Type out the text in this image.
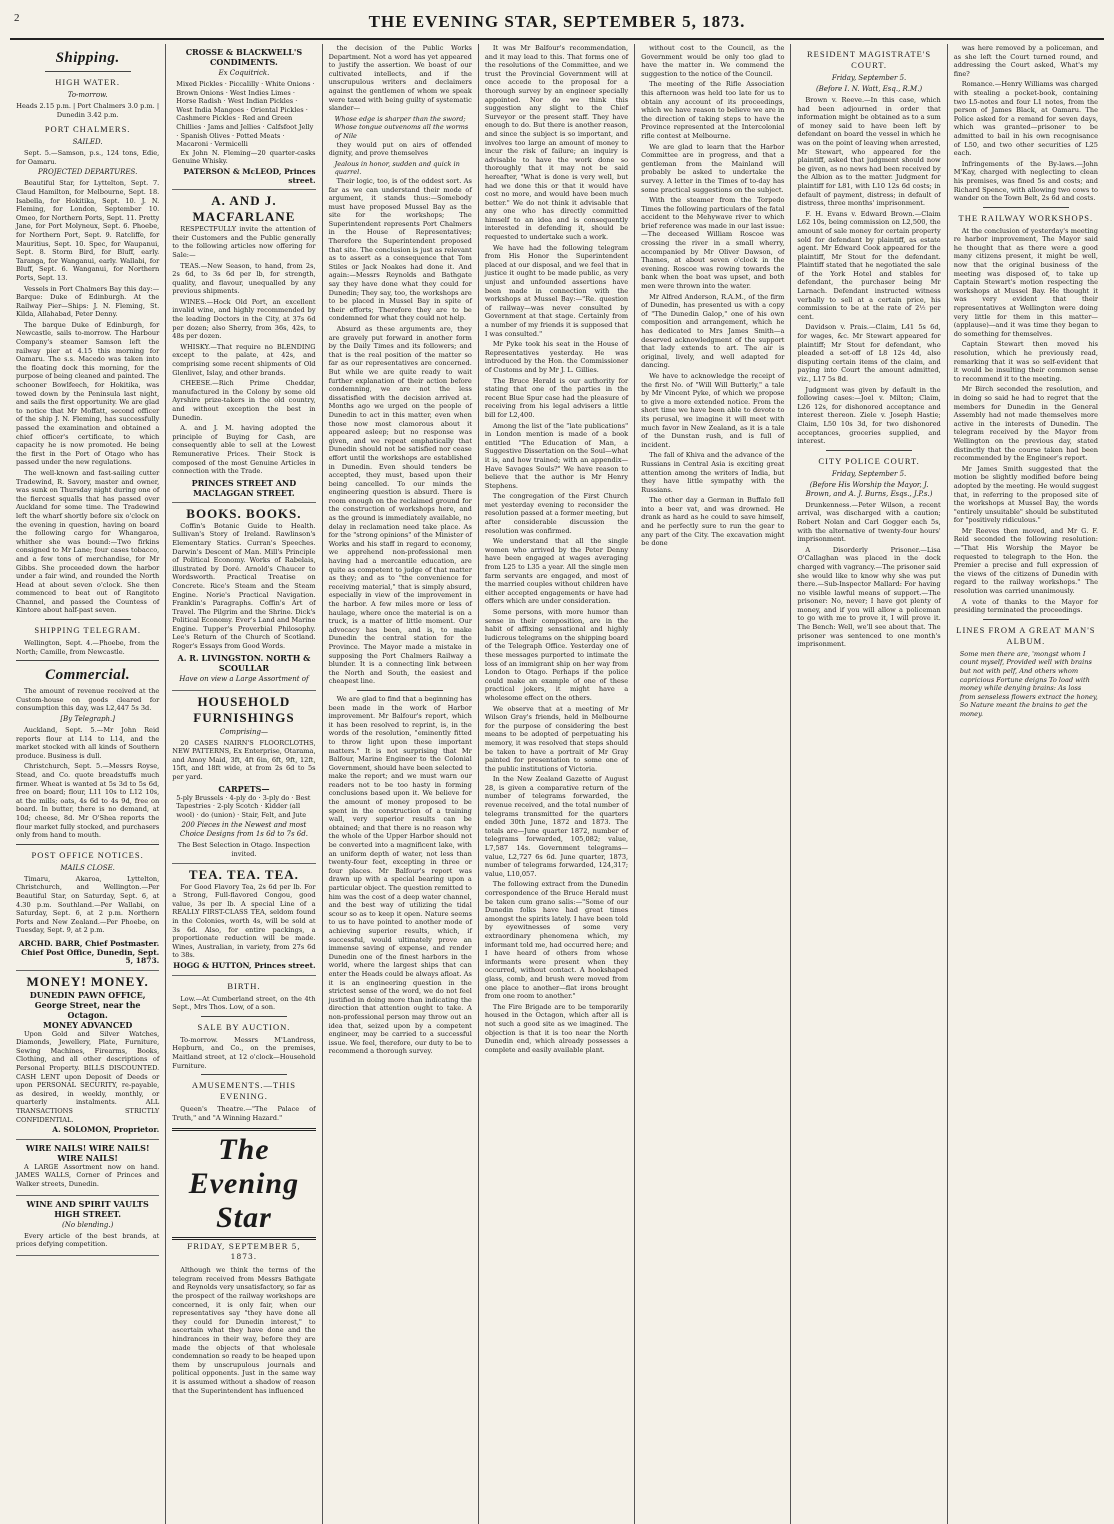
2	THE EVENING STAR, SEPTEMBER 5, 1873.
Shipping.
HIGH WATER.
To-morrow.
Heads 2.15 p.m. | Port Chalmers 3.0 p.m. | Dunedin 3.42 p.m.
PORT CHALMERS.
SAILED.

Sept. 5.—Samson, p.s., 124 tons, Edie, for Oamaru.

PROJECTED DEPARTURES.

Beautiful Star, for Lyttelton, Sept. 7. Claud Hamilton, for Melbourne, Sept. 18. Isabella, for Hokitika, Sept. 10. J. N. Fleming, for London, September 10. Omeo, for Northern Ports, Sept. 11. Pretty Jane, for Port Molyneux, Sept. 6. Phoebe, for Northern Port, Sept. 9. Ratcliffe, for Mauritius, Sept. 10. Spec, for Waupanui, Sept. 8. Storm Bird, for Bluff, early. Taranga, for Wanganui, early. Wallabi, for Bluff, Sept. 6. Wanganui, for Northern Ports, Sept. 13.

Vessels in Port Chalmers Bay this day:—Barque: Duke of Edinburgh. At the Railway Pier—Ships: J. N. Fleming, St. Kilda, Allahabad, Peter Denny.

The barque Duke of Edinburgh, for Newcastle, sails to-morrow. The Harbour Company's steamer Samson left the railway pier at 4.15 this morning for Oamaru. The s.s. Macedo was taken into the floating dock this morning, for the purpose of being cleaned and painted. The schooner Bowlfeech, for Hokitika, was towed down by the Peninsula last night, and sails the first opportunity. We are glad to notice that Mr Moffatt, second officer of the ship J. N. Fleming, has successfully passed the examination and obtained a chief officer's certificate, to which capacity he is now promoted. He being the first in the Port of Otago who has passed under the new regulations.

The well-known and fast-sailing cutter Tradewind, R. Savory, master and owner, was sunk on Thursday night during one of the fiercest squalls that has passed over Auckland for some time. The Tradewind left the wharf shortly before six o'clock on the evening in question, having on board the following cargo for Whangaroa, whither she was bound:—Two firkins consigned to Mr Lane; four cases tobacco, and a few tons of merchandise, for Mr Gibbs. She proceeded down the harbor under a fair wind, and rounded the North Head at about seven o'clock. She then commenced to beat out of Rangitoto Channel, and passed the Countess of Kintore about half-past seven.

SHIPPING TELEGRAM.

Wellington, Sept. 4.—Phoebe, from the North; Camille, from Newcastle.

Commercial.

The amount of revenue received at the Custom-house on goods cleared for consumption this day, was L2,447 5s 3d.

[By Telegraph.]

Auckland, Sept. 5.—Mr John Reid reports flour at L14 to L14, and the market stocked with all kinds of Southern produce. Business is dull.

Christchurch, Sept. 5.—Messrs Royse, Stead, and Co. quote breadstuffs much firmer. Wheat is wanted at 5s 3d to 5s 6d, free on board; flour, L11 10s to L12 10s, at the mills; oats, 4s 6d to 4s 9d, free on board. In butter, there is no demand, at 10d; cheese, 8d. Mr O'Shea reports the flour market fully stocked, and purchasers only from hand to mouth.

POST OFFICE NOTICES.
MAILS CLOSE.

Timaru, Akaroa, Lyttelton, Christchurch, and Wellington.—Per Beautiful Star, on Saturday, Sept. 6, at 4.30 p.m. Southland.—Per Wallabi, on Saturday, Sept. 6, at 2 p.m. Northern Ports and New Zealand.—Per Phoebe, on Tuesday, Sept. 9, at 2 p.m.

ARCHD. BARR, Chief Postmaster. Chief Post Office, Dunedin, Sept. 5, 1873.
MONEY! MONEY.
DUNEDIN PAWN OFFICE, George Street, near the Octagon.
MONEY ADVANCED

Upon Gold and Silver Watches, Diamonds, Jewellery, Plate, Furniture, Sewing Machines, Firearms, Books, Clothing, and all other descriptions of Personal Property. BILLS DISCOUNTED. CASH LENT upon Deposit of Deeds or upon PERSONAL SECURITY, re-payable, as desired, in weekly, monthly, or quarterly instalments. ALL TRANSACTIONS STRICTLY CONFIDENTIAL.

A. SOLOMON, Proprietor.
WIRE NAILS! WIRE NAILS! WIRE NAILS!

A LARGE Assortment now on hand. JAMES WALLS, Corner of Princes and Walker streets, Dunedin.

WINE AND SPIRIT VAULTS HIGH STREET.
(No blending.)

Every article of the best brands, at prices defying competition.

CROSSE & BLACKWELL'S CONDIMENTS.
Ex Coquitrick.
Mixed Pickles · Piccalilly · White Onions · Brown Onions · West Indies Limes · Horse Radish · West Indian Pickles · West India Mangoes · Oriental Pickles · Cashmere Pickles · Red and Green Chillies · Jams and Jellies · Calfsfoot Jelly · Spanish Olives · Potted Meats · Macaroni · Vermicelli

Ex John N. Fleming—20 quarter-casks Genuine Whisky.

PATERSON & McLEOD, Princes street.
A. AND J. MACFARLANE

RESPECTFULLY invite the attention of their Customers and the Public generally to the following articles now offering for Sale:—

TEAS.—New Season, to hand, from 2s, 2s 6d, to 3s 6d per lb, for strength, quality, and flavour, unequalled by any previous shipments.

WINES.—Hock Old Port, an excellent invalid wine, and highly recommended by the leading Doctors in the City, at 37s 6d per dozen; also Sherry, from 36s, 42s, to 48s per dozen.

WHISKY.—That require no BLENDING except to the palate, at 42s, and comprising some recent shipments of Old Glenlivet, Islay, and other brands.

CHEESE.—Rich Prime Cheddar, manufactured in the Colony by some old Ayrshire prize-takers in the old country, and without exception the best in Dunedin.

A. and J. M. having adopted the principle of Buying for Cash, are consequently able to sell at the Lowest Remunerative Prices. Their Stock is composed of the most Genuine Articles in connection with the Trade.

PRINCES STREET AND MACLAGGAN STREET.
BOOKS. BOOKS.

Coffin's Botanic Guide to Health. Sullivan's Story of Ireland. Rawlinson's Elementary Statics. Curran's Speeches. Darwin's Descent of Man. Mill's Principle of Political Economy. Works of Rabelais, illustrated by Doré. Arnold's Chaucer to Wordsworth. Practical Treatise on Concrete. Rice's Steam and the Steam Engine. Norie's Practical Navigation. Franklin's Paragraphs. Coffin's Art of Travel. The Pilgrim and the Shrine. Dick's Political Economy. Ever's Land and Marine Engine. Tupper's Proverbial Philosophy. Lee's Return of the Church of Scotland. Roger's Essays from Good Words.

A. R. LIVINGSTON. NORTH & SCOULLAR
Have on view a Large Assortment of
HOUSEHOLD FURNISHINGS
Comprising—

20 CASES NAIRN'S FLOORCLOTHS, NEW PATTERNS, Ex Enterprise, Otarama, and Amoy Maid, 3ft, 4ft 6in, 6ft, 9ft, 12ft, 15ft, and 18ft wide, at from 2s 6d to 5s per yard.

CARPETS—
5-ply Brussels · 4-ply do · 3-ply do · Best Tapestries · 2-ply Scotch · Kidder (all wool) · do (union) · Stair, Felt, and Jute
200 Pieces in the Newest and most Choice Designs from 1s 6d to 7s 6d.
The Best Selection in Otago. Inspection invited.
TEA. TEA. TEA.

For Good Flavory Tea, 2s 6d per lb. For a Strong, Full-flavored Congou, good value, 3s per lb. A special Line of a REALLY FIRST-CLASS TEA, seldom found in the Colonies, worth 4s, will be sold at 3s 6d. Also, for entire packings, a proportionate reduction will be made. Wines, Australian, in variety, from 27s 6d to 38s.

HOGG & HUTTON, Princes street.
BIRTH.

Low.—At Cumberland street, on the 4th Sept., Mrs Thos. Low, of a son.

SALE BY AUCTION.

To-morrow. Messrs M'Landress, Hepburn, and Co., on the premises, Maitland street, at 12 o'clock—Household Furniture.

AMUSEMENTS.—THIS EVENING.

Queen's Theatre.—"The Palace of Truth," and "A Winning Hazard."

The Evening Star
FRIDAY, SEPTEMBER 5, 1873.

Although we think the terms of the telegram received from Messrs Bathgate and Reynolds very unsatisfactory, so far as the prospect of the railway workshops are concerned, it is only fair, when our representatives say "they have done all they could for Dunedin interest," to ascertain what they have done and the hindrances in their way, before they are made the objects of that wholesale condemnation so ready to be heaped upon them by unscrupulous journals and political opponents. Just in the same way it is assumed without a shadow of reason that the Superintendent has influenced

the decision of the Public Works Department. Not a word has yet appeared to justify the assertion. We boast of our cultivated intellects, and if the unscrupulous writers and declaimers against the gentlemen of whom we speak were taxed with being guilty of systematic slander—

Whose edge is sharper than the sword; Whose tongue outvenoms all the worms of Nile

they would put on airs of offended dignity, and prove themselves

Jealous in honor, sudden and quick in quarrel.

Their logic, too, is of the oddest sort. As far as we can understand their mode of argument, it stands thus:—Somebody must have proposed Mussel Bay as the site for the workshops; The Superintendent represents Port Chalmers in the House of Representatives; Therefore the Superintendent proposed that site. The conclusion is just as relevant as to assert as a consequence that Tom Stiles or Jack Noakes had done it. And again:—Messrs Reynolds and Bathgate say they have done what they could for Dunedin; They say, too, the workshops are to be placed in Mussel Bay in spite of their efforts; Therefore they are to be condemned for what they could not help.

Absurd as these arguments are, they are gravely put forward in another form by the Daily Times and its followers; and that is the real position of the matter so far as our representatives are concerned. But while we are quite ready to wait further explanation of their action before condemning, we are not the less dissatisfied with the decision arrived at. Months ago we urged on the people of Dunedin to act in this matter, even when those now most clamorous about it appeared asleep; but no response was given, and we repeat emphatically that Dunedin should not be satisfied nor cease effort until the workshops are established in Dunedin. Even should tenders be accepted, they must, based upon their being cancelled. To our minds the engineering question is absurd. There is room enough on the reclaimed ground for the construction of workshops here, and as the ground is immediately available, no delay in reclamation need take place. As for the "strong opinions" of the Minister of Works and his staff in regard to economy, we apprehend non-professional men having had a mercantile education, are quite as competent to judge of that matter as they; and as to "the convenience for receiving material," that is simply absurd, especially in view of the improvement in the harbor. A few miles more or less of haulage, where once the material is on a truck, is a matter of little moment. Our advocacy has been, and is, to make Dunedin the central station for the Province. The Mayor made a mistake in supposing the Port Chalmers Railway a blunder. It is a connecting link between the North and South, the easiest and cheapest line.

We are glad to find that a beginning has been made in the work of Harbor improvement. Mr Balfour's report, which it has been resolved to reprint, is, in the words of the resolution, "eminently fitted to throw light upon these important matters." It is not surprising that Mr Balfour, Marine Engineer to the Colonial Government, should have been selected to make the report; and we must warn our readers not to be too hasty in forming conclusions based upon it. We believe for the amount of money proposed to be spent in the construction of a training wall, very superior results can be obtained; and that there is no reason why the whole of the Upper Harbor should not be converted into a magnificent lake, with an uniform depth of water, not less than twenty-four feet, excepting in three or four places. Mr Balfour's report was drawn up with a special bearing upon a particular object. The question remitted to him was the cost of a deep water channel, and the best way of utilizing the tidal scour so as to keep it open. Nature seems to us to have pointed to another mode of achieving superior results, which, if successful, would ultimately prove an immense saving of expense, and render Dunedin one of the finest harbors in the world, where the largest ships that can enter the Heads could be always afloat. As it is an engineering question in the strictest sense of the word, we do not feel justified in doing more than indicating the direction that attention ought to take. A non-professional person may throw out an idea that, seized upon by a competent engineer, may be carried to a successful issue. We feel, therefore, our duty to be to recommend a thorough survey.

It was Mr Balfour's recommendation, and it may lead to this. That forms one of the resolutions of the Committee, and we trust the Provincial Government will at once accede to the proposal for a thorough survey by an engineer specially appointed. Nor do we think this suggestion any slight to the Chief Surveyor or the present staff. They have enough to do. But there is another reason, and since the subject is so important, and involves too large an amount of money to incur the risk of failure; an inquiry is advisable to have the work done so thoroughly that it may not be said hereafter, "What is done is very well, but had we done this or that it would have cost no more, and would have been much better." We do not think it advisable that any one who has directly committed himself to an idea and is consequently interested in defending it, should be requested to undertake such a work.

We have had the following telegram from His Honor the Superintendent placed at our disposal, and we feel that in justice it ought to be made public, as very unjust and unfounded assertions have been made in connection with the workshops at Mussel Bay:—"Re. question of railway—was never consulted by Government at that stage. Certainly from a number of my friends it is supposed that I was consulted."

Mr Pyke took his seat in the House of Representatives yesterday. He was introduced by the Hon. the Commissioner of Customs and by Mr J. L. Gillies.

The Bruce Herald is our authority for stating that one of the parties in the recent Blue Spur case had the pleasure of receiving from his legal advisers a little bill for L2,400.

Among the list of the "late publications" in London mention is made of a book entitled "The Education of Man, a Suggestive Dissertation on the Soul—what it is, and how trained; with an appendix—Have Savages Souls?" We have reason to believe that the author is Mr Henry Stephens.

The congregation of the First Church met yesterday evening to reconsider the resolution passed at a former meeting, but after considerable discussion the resolution was confirmed.

We understand that all the single women who arrived by the Peter Denny have been engaged at wages averaging from L25 to L35 a year. All the single men farm servants are engaged, and most of the married couples without children have either accepted engagements or have had offers which are under consideration.

Some persons, with more humor than sense in their composition, are in the habit of affixing sensational and highly ludicrous telegrams on the shipping board of the Telegraph Office. Yesterday one of these messages purported to intimate the loss of an immigrant ship on her way from London to Otago. Perhaps if the police could make an example of one of these practical jokers, it might have a wholesome effect on the others.

We observe that at a meeting of Mr Wilson Gray's friends, held in Melbourne for the purpose of considering the best means to be adopted of perpetuating his memory, it was resolved that steps should be taken to have a portrait of Mr Gray painted for presentation to some one of the public institutions of Victoria.

In the New Zealand Gazette of August 28, is given a comparative return of the number of telegrams forwarded, the revenue received, and the total number of telegrams transmitted for the quarters ended 30th June, 1872 and 1873. The totals are—June quarter 1872, number of telegrams forwarded, 105,082; value, L7,587 14s. Government telegrams—value, L2,727 6s 6d. June quarter, 1873, number of telegrams forwarded, 124,317; value, L10,057.

The following extract from the Dunedin correspondence of the Bruce Herald must be taken cum grano salis:—"Some of our Dunedin folks have had great times amongst the spirits lately. I have been told by eyewitnesses of some very extraordinary phenomena which, my informant told me, had occurred here; and I have heard of others from whose informants were present when they occurred, without contact. A hookshaped glass, comb, and brush were moved from one place to another—flat irons brought from one room to another."

The Fire Brigade are to be temporarily housed in the Octagon, which after all is not such a good site as we imagined. The objection is that it is too near the North Dunedin end, which already possesses a complete and easily available plant.

without cost to the Council, as the Government would be only too glad to have the matter in. We commend the suggestion to the notice of the Council.

The meeting of the Rifle Association this afternoon was held too late for us to obtain any account of its proceedings, which we have reason to believe we are in the direction of taking steps to have the Province represented at the Intercolonial rifle contest at Melbourne.

We are glad to learn that the Harbor Committee are in progress, and that a gentleman from the Mainland will probably be asked to undertake the survey. A letter in the Times of to-day has some practical suggestions on the subject.

With the steamer from the Torpedo Times the following particulars of the fatal accident to the Mehywave river to which brief reference was made in our last issue:—The deceased William Roscoe was crossing the river in a small wherry, accompanied by Mr Oliver Dawson, of Thames, at about seven o'clock in the evening. Roscoe was rowing towards the bank when the boat was upset, and both men were thrown into the water.

Mr Alfred Anderson, R.A.M., of the firm of Dunedin, has presented us with a copy of "The Dunedin Galop," one of his own composition and arrangement, which he has dedicated to Mrs James Smith—a deserved acknowledgment of the support that lady extends to art. The air is original, lively, and well adapted for dancing.

We have to acknowledge the receipt of the first No. of "Will Will Butterly," a tale by Mr Vincent Pyke, of which we propose to give a more extended notice. From the short time we have been able to devote to its perusal, we imagine it will meet with much favor in New Zealand, as it is a tale of the Dunstan rush, and is full of incident.

The fall of Khiva and the advance of the Russians in Central Asia is exciting great attention among the writers of India, but they have little sympathy with the Russians.

The other day a German in Buffalo fell into a beer vat, and was drowned. He drank as hard as he could to save himself, and he perfectly sure to run the gear to any part of the City. The excavation might be done

RESIDENT MAGISTRATE'S COURT.
Friday, September 5.
(Before I. N. Watt, Esq., R.M.)

Brown v. Reeve.—In this case, which had been adjourned in order that information might be obtained as to a sum of money said to have been left by defendant on board the vessel in which he was on the point of leaving when arrested, Mr Stewart, who appeared for the plaintiff, asked that judgment should now be given, as no news had been received by the Albion as to the matter. Judgment for plaintiff for L81, with L10 12s 6d costs; in default of payment, distress; in default of distress, three months' imprisonment.

F. H. Evans v. Edward Brown.—Claim L62 10s, being commission on L2,500, the amount of sale money for certain property sold for defendant by plaintiff, as estate agent. Mr Edward Cook appeared for the plaintiff, Mr Stout for the defendant. Plaintiff stated that he negotiated the sale of the York Hotel and stables for defendant, the purchaser being Mr Larnach. Defendant instructed witness verbally to sell at a certain price, his commission to be at the rate of 2½ per cent.

Davidson v. Prais.—Claim, L41 5s 6d, for wages, &c. Mr Stewart appeared for plaintiff; Mr Stout for defendant, who pleaded a set-off of L8 12s 4d, also disputing certain items of the claim, and paying into Court the amount admitted, viz., L17 5s 8d.

Judgment was given by default in the following cases:—Joel v. Milton; Claim, L26 12s, for dishonored acceptance and interest thereon. Ziele v. Joseph Hastie; Claim, L50 10s 3d, for two dishonored acceptances, groceries supplied, and interest.

CITY POLICE COURT.
Friday, September 5.
(Before His Worship the Mayor, J. Brown, and A. J. Burns, Esqs., J.P.s.)

Drunkenness.—Peter Wilson, a recent arrival, was discharged with a caution; Robert Nolan and Carl Gogger each 5s, with the alternative of twenty-four hours' imprisonment.

A Disorderly Prisoner.—Lisa O'Callaghan was placed in the dock charged with vagrancy.—The prisoner said she would like to know why she was put there.—Sub-Inspector Mallard: For having no visible lawful means of support.—The prisoner: No, never; I have got plenty of money, and if you will allow a policeman to go with me to prove it, I will prove it. The Bench: Well, we'll see about that. The prisoner was sentenced to one month's imprisonment.

was here removed by a policeman, and as she left the Court turned round, and addressing the Court asked, What's my fine?

Romance.—Henry Williams was charged with stealing a pocket-book, containing two L5-notes and four L1 notes, from the person of James Black, at Oamaru. The Police asked for a remand for seven days, which was granted—prisoner to be admitted to bail in his own recognisance of L50, and two other securities of L25 each.

Infringements of the By-laws.—John M'Kay, charged with neglecting to clean his premises, was fined 5s and costs; and Richard Spence, with allowing two cows to wander on the Town Belt, 2s 6d and costs.

THE RAILWAY WORKSHOPS.

At the conclusion of yesterday's meeting re harbor improvement, The Mayor said he thought that as there were a good many citizens present, it might be well, now that the original business of the meeting was disposed of, to take up Captain Stewart's motion respecting the workshops at Mussel Bay. He thought it was very evident that their representatives at Wellington were doing very little for them in this matter—(applause)—and it was time they began to do something for themselves.

Captain Stewart then moved his resolution, which he previously read, remarking that it was so self-evident that it would be insulting their common sense to recommend it to the meeting.

Mr Birch seconded the resolution, and in doing so said he had to regret that the members for Dunedin in the General Assembly had not made themselves more active in the interests of Dunedin. The telegram received by the Mayor from Wellington on the previous day, stated distinctly that the course taken had been recommended by the Engineer's report.

Mr James Smith suggested that the motion be slightly modified before being adopted by the meeting. He would suggest that, in referring to the proposed site of the workshops at Mussel Bay, the words "entirely unsuitable" should be substituted for "positively ridiculous."

Mr Reeves then moved, and Mr G. F. Reid seconded the following resolution:—"That His Worship the Mayor be requested to telegraph to the Hon. the Premier a precise and full expression of the views of the citizens of Dunedin with regard to the railway workshops." The resolution was carried unanimously.

A vote of thanks to the Mayor for presiding terminated the proceedings.

LINES FROM A GREAT MAN'S ALBUM.
Some men there are, 'mongst whom I count myself, Provided well with brains but not with pelf, And others whom capricious Fortune deigns To load with money while denying brains: As loss from senseless flowers extract the honey, So Nature meant the brains to get the money.
